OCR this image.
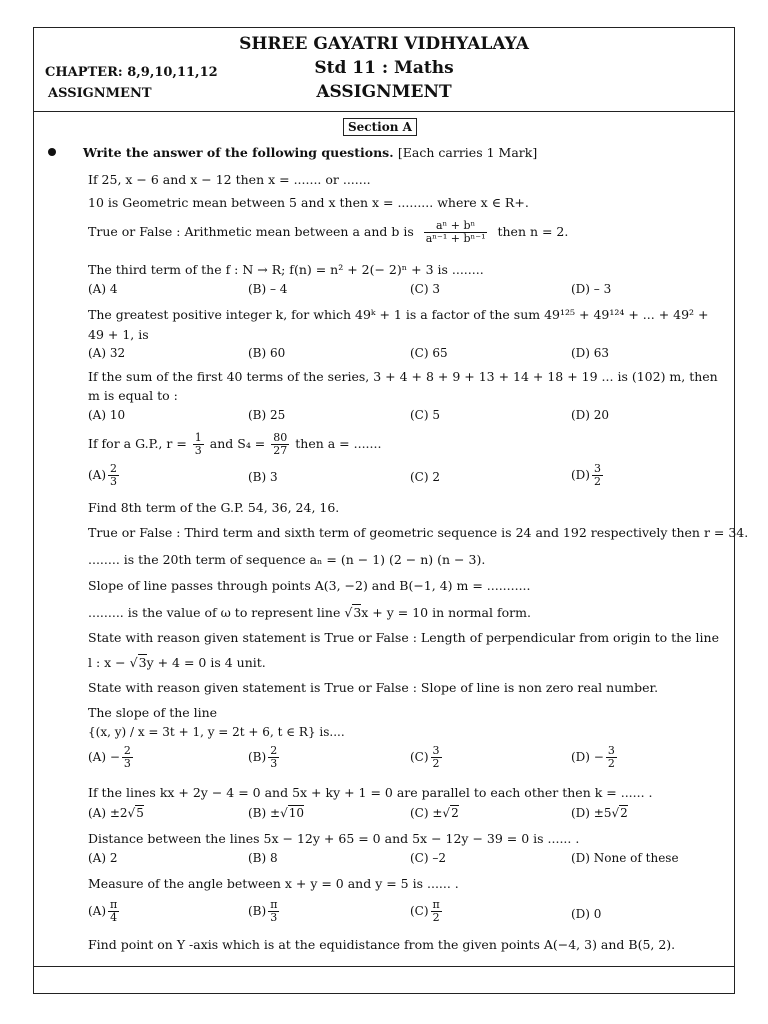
SHREE GAYATRI VIDHYALAYA
Std 11 : Maths
ASSIGNMENT
CHAPTER: 8,9,10,11,12
ASSIGNMENT
Section A
Write the answer of the following questions. [Each carries 1 Mark]
If 25, x − 6 and x − 12 then x = ....... or .......
10 is Geometric mean between 5 and x then x = ......... where x ∈ R+.
True or False : Arithmetic mean between a and b is $\frac{\text{aⁿ + bⁿ}}{\text{aⁿ⁻¹ + bⁿ⁻¹}}$ then n = 2.
The third term of the f : N → R; f(n) = n² + 2(− 2)ⁿ + 3 is ........
(A) 4	(B) – 4	(C) 3	(D) – 3
The greatest positive integer k, for which 49ᵏ + 1 is a factor of the sum 49¹²⁵ + 49¹²⁴ + ... + 49² +
49 + 1, is
(A) 32	(B) 60	(C) 65	(D) 63
If the sum of the first 40 terms of the series, 3 + 4 + 8 + 9 + 13 + 14 + 18 + 19 ... is (102) m, then
m is equal to :
(A) 10	(B) 25	(C) 5	(D) 20
If for a G.P., $r = \frac{1}{3}$ and $S_4 = \frac{80}{27}$ then a = .......
$(A) \frac{2}{3}$	(B) 3	(C) 2	$(D) \frac{3}{2}$
Find 8th term of the G.P. 54, 36, 24, 16.
True or False : Third term and sixth term of geometric sequence is 24 and 192 respectively then r = 34.
........ is the 20th term of sequence aₙ = (n − 1) (2 − n) (n − 3).
Slope of line passes through points A(3, −2) and B(−1, 4) m = ...........
......... is the value of ω to represent line √3x + y = 10 in normal form.
State with reason given statement is True or False : Length of perpendicular from origin to the line
l : x − √3y + 4 = 0 is 4 unit.
State with reason given statement is True or False : Slope of line is non zero real number.
The slope of the line
{(x, y) / x = 3t + 1, y = 2t + 6, t ∈ R} is....
$(A) - \frac{2}{3}$	$(B) \frac{2}{3}$	$(C) \frac{3}{2}$	$(D) - \frac{3}{2}$
If the lines kx + 2y − 4 = 0 and 5x + ky + 1 = 0 are parallel to each other then k = ...... .
(A) ±2√5	(B) ±√10	(C) ±√2	(D) ±5√2
Distance between the lines 5x − 12y + 65 = 0 and 5x − 12y − 39 = 0 is ...... .
(A) 2	(B) 8	(C) –2	(D) None of these
Measure of the angle between x + y = 0 and y = 5 is ...... .
$(A) \frac{\pi}{4}$	$(B) \frac{\pi}{3}$	$(C) \frac{\pi}{2}$	(D) 0
Find point on Y -axis which is at the equidistance from the given points A(−4, 3) and B(5, 2).
